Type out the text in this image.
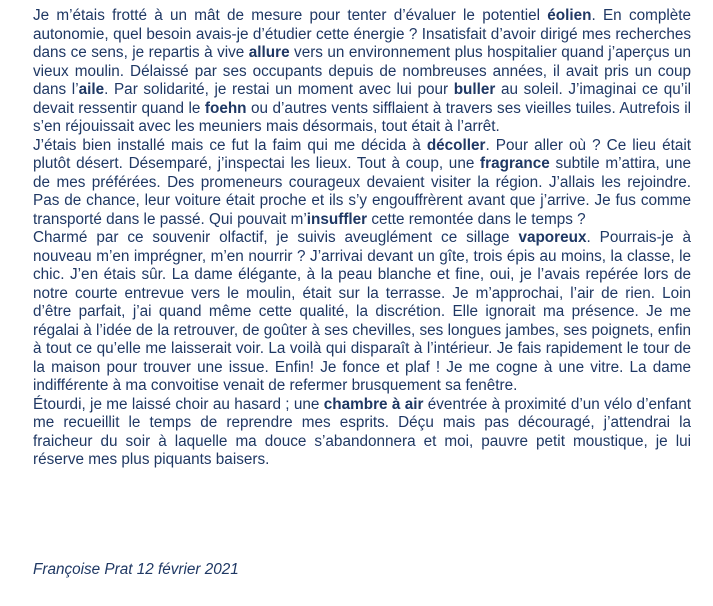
Je m’étais frotté à un mât de mesure pour tenter d’évaluer le potentiel éolien. En complète autonomie, quel besoin avais-je d’étudier cette énergie ? Insatisfait d’avoir dirigé mes recherches dans ce sens, je repartis à vive allure vers un environnement plus hospitalier quand j’aperçus un vieux moulin. Délaissé par ses occupants depuis de nombreuses années, il avait pris un coup dans l’aile. Par solidarité, je restai un moment avec lui pour buller au soleil. J’imaginai ce qu’il devait ressentir quand le foehn ou d’autres vents sifflaient à travers ses vieilles tuiles. Autrefois il s’en réjouissait avec les meuniers mais désormais, tout était à l’arrêt.

J’étais bien installé mais ce fut la faim qui me décida à décoller. Pour aller où ? Ce lieu était plutôt désert. Désemparé, j’inspectai les lieux. Tout à coup, une fragrance subtile m’attira, une de mes préférées. Des promeneurs courageux devaient visiter la région. J’allais les rejoindre. Pas de chance, leur voiture était proche et ils s’y engouffrèrent avant que j’arrive. Je fus comme transporté dans le passé. Qui pouvait m’insuffler cette remontée dans le temps ?

Charmé par ce souvenir olfactif, je suivis aveuglément ce sillage vaporeux. Pourrais-je à nouveau m’en imprégner, m’en nourrir ? J’arrivai devant un gîte, trois épis au moins, la classe, le chic. J’en étais sûr. La dame élégante, à la peau blanche et fine, oui, je l’avais repérée lors de notre courte entrevue vers le moulin, était sur la terrasse. Je m’approchai, l’air de rien. Loin d’être parfait, j’ai quand même cette qualité, la discrétion. Elle ignorait ma présence. Je me régalai à l’idée de la retrouver, de goûter à ses chevilles, ses longues jambes, ses poignets, enfin à tout ce qu’elle me laisserait voir. La voilà qui disparaît à l’intérieur. Je fais rapidement le tour de la maison pour trouver une issue. Enfin! Je fonce et plaf ! Je me cogne à une vitre. La dame indifférente à ma convoitise venait de refermer brusquement sa fenêtre.

Étourdi, je me laissé choir au hasard ; une chambre à air éventrée à proximité d’un vélo d’enfant me recueillit le temps de reprendre mes esprits. Déçu mais pas découragé, j’attendrai la fraicheur du soir à laquelle ma douce s’abandonnera et moi, pauvre petit moustique, je lui réserve mes plus piquants baisers.

Françoise Prat 12 février 2021
